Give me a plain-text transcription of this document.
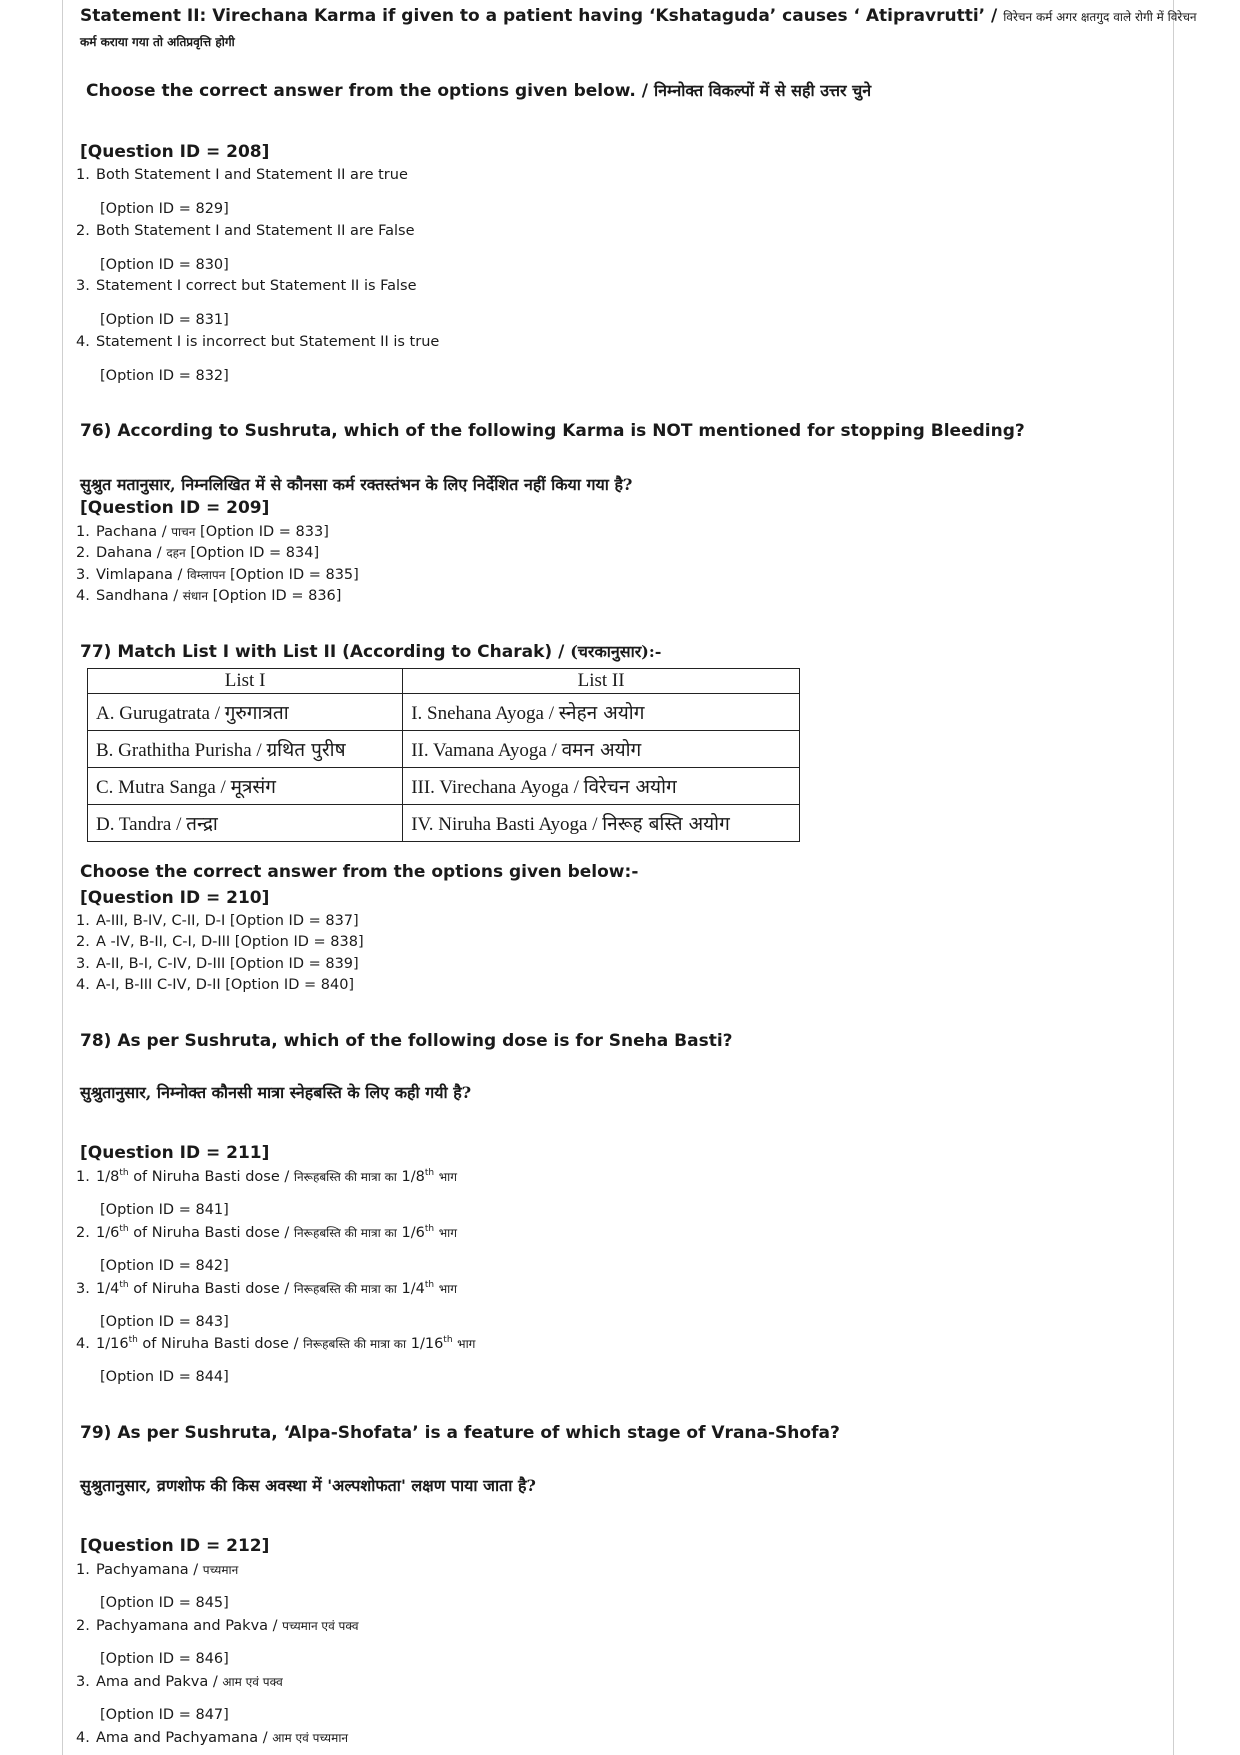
Statement II: Virechana Karma if given to a patient having ‘Kshataguda’ causes ‘ Atipravrutti’ / विरेचन कर्म अगर क्षतगुद वाले रोगी में विरेचन
कर्म कराया गया तो अतिप्रवृत्ति होगी
Choose the correct answer from the options given below. / निम्नोक्त विकल्पों में से सही उत्तर चुने
[Question ID = 208]
1. Both Statement I and Statement II are true
[Option ID = 829]
2. Both Statement I and Statement II are False
[Option ID = 830]
3. Statement I correct but Statement II is False
[Option ID = 831]
4. Statement I is incorrect but Statement II is true
[Option ID = 832]
76) According to Sushruta, which of the following Karma is NOT mentioned for stopping Bleeding?
सुश्रुत मतानुसार, निम्नलिखित में से कौनसा कर्म रक्तस्तंभन के लिए निर्देशित नहीं किया गया है?
[Question ID = 209]
1. Pachana / पाचन [Option ID = 833]
2. Dahana / दहन [Option ID = 834]
3. Vimlapana / विम्लापन [Option ID = 835]
4. Sandhana / संधान [Option ID = 836]
77) Match List I with List II (According to Charak) / (चरकानुसार):-
List I	List II
A. Gurugatrata / गुरुगात्रता	I. Snehana Ayoga / स्नेहन अयोग
B. Grathitha Purisha / ग्रथित पुरीष	II. Vamana Ayoga / वमन अयोग
C. Mutra Sanga / मूत्रसंग	III. Virechana Ayoga / विरेचन अयोग
D. Tandra / तन्द्रा	IV. Niruha Basti Ayoga / निरूह बस्ति अयोग
Choose the correct answer from the options given below:-
[Question ID = 210]
1. A-III, B-IV, C-II, D-I [Option ID = 837]
2. A -IV, B-II, C-I, D-III [Option ID = 838]
3. A-II, B-I, C-IV, D-III [Option ID = 839]
4. A-I, B-III C-IV, D-II [Option ID = 840]
78) As per Sushruta, which of the following dose is for Sneha Basti?
सुश्रुतानुसार, निम्नोक्त कौनसी मात्रा स्नेहबस्ति के लिए कही गयी है?
[Question ID = 211]
1. 1/8th of Niruha Basti dose / निरूहबस्ति की मात्रा का 1/8th भाग
[Option ID = 841]
2. 1/6th of Niruha Basti dose / निरूहबस्ति की मात्रा का 1/6th भाग
[Option ID = 842]
3. 1/4th of Niruha Basti dose / निरूहबस्ति की मात्रा का 1/4th भाग
[Option ID = 843]
4. 1/16th of Niruha Basti dose / निरूहबस्ति की मात्रा का 1/16th भाग
[Option ID = 844]
79) As per Sushruta, ‘Alpa-Shofata’ is a feature of which stage of Vrana-Shofa?
सुश्रुतानुसार, व्रणशोफ की किस अवस्था में 'अल्पशोफता' लक्षण पाया जाता है?
[Question ID = 212]
1. Pachyamana / पच्यमान
[Option ID = 845]
2. Pachyamana and Pakva / पच्यमान एवं पक्व
[Option ID = 846]
3. Ama and Pakva / आम एवं पक्व
[Option ID = 847]
4. Ama and Pachyamana / आम एवं पच्यमान
